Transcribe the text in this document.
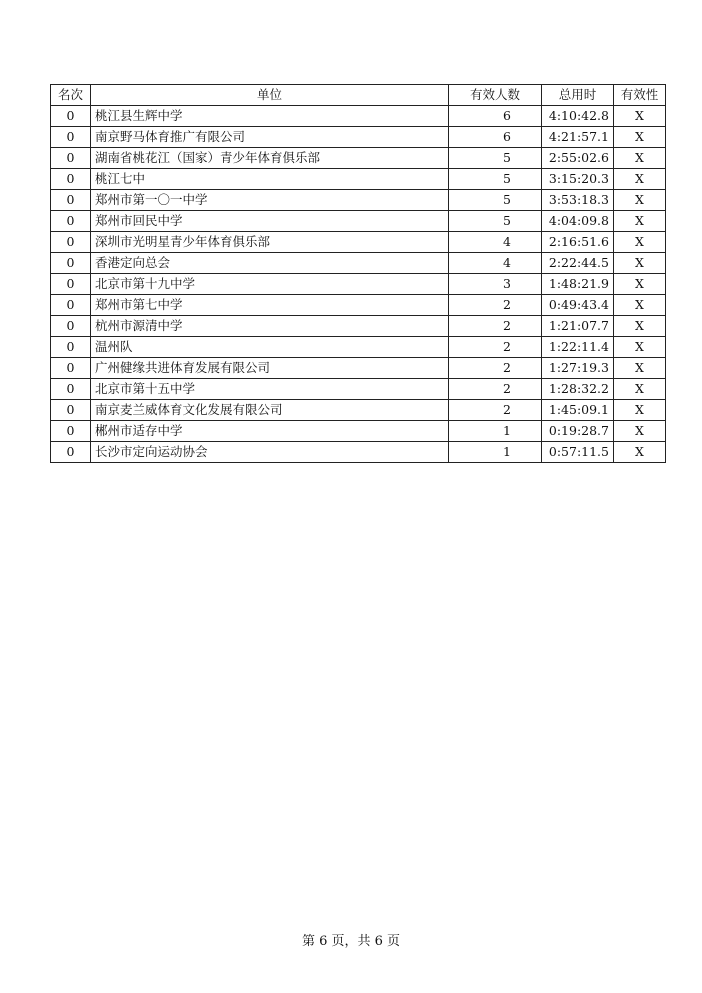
名次	单位	有效人数	总用时	有效性
0	桃江县生辉中学	6	4:10:42.8	X
0	南京野马体育推广有限公司	6	4:21:57.1	X
0	湖南省桃花江（国家）青少年体育俱乐部	5	2:55:02.6	X
0	桃江七中	5	3:15:20.3	X
0	郑州市第一〇一中学	5	3:53:18.3	X
0	郑州市回民中学	5	4:04:09.8	X
0	深圳市光明星青少年体育俱乐部	4	2:16:51.6	X
0	香港定向总会	4	2:22:44.5	X
0	北京市第十九中学	3	1:48:21.9	X
0	郑州市第七中学	2	0:49:43.4	X
0	杭州市源清中学	2	1:21:07.7	X
0	温州队	2	1:22:11.4	X
0	广州健缘共进体育发展有限公司	2	1:27:19.3	X
0	北京市第十五中学	2	1:28:32.2	X
0	南京麦兰威体育文化发展有限公司	2	1:45:09.1	X
0	郴州市适存中学	1	0:19:28.7	X
0	长沙市定向运动协会	1	0:57:11.5	X
第 6 页，共 6 页
